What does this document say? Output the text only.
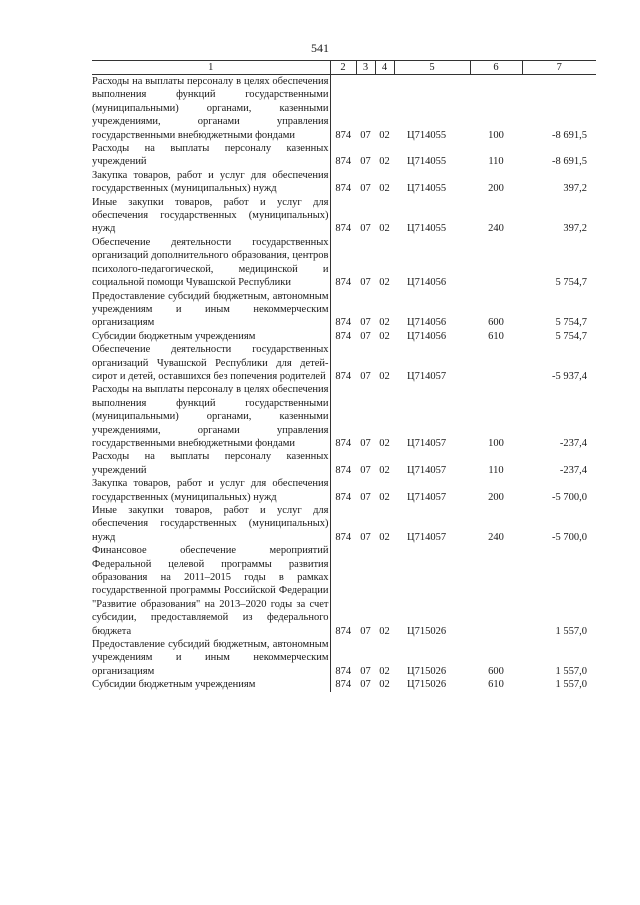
541
1	2	3	4	5	6	7
Расходы на выплаты персоналу в целях обеспечения выполнения функций государственными (муниципальными) органами, казенными учреждениями, органами управления государственными внебюджетными фондами	874	07	02	Ц714055	100	-8 691,5
Расходы на выплаты персоналу казенных учреждений	874	07	02	Ц714055	110	-8 691,5
Закупка товаров, работ и услуг для обеспечения государственных (муниципальных) нужд	874	07	02	Ц714055	200	397,2
Иные закупки товаров, работ и услуг для обеспечения государственных (муниципальных) нужд	874	07	02	Ц714055	240	397,2
Обеспечение деятельности государственных организаций дополнительного образования, центров психолого-педагогической, медицинской и социальной помощи Чувашской Республики	874	07	02	Ц714056		5 754,7
Предоставление субсидий бюджетным, автономным учреждениям и иным некоммерческим организациям	874	07	02	Ц714056	600	5 754,7
Субсидии бюджетным учреждениям	874	07	02	Ц714056	610	5 754,7
Обеспечение деятельности государственных организаций Чувашской Республики для детей-сирот и детей, оставшихся без попечения родителей	874	07	02	Ц714057		-5 937,4
Расходы на выплаты персоналу в целях обеспечения выполнения функций государственными (муниципальными) органами, казенными учреждениями, органами управления государственными внебюджетными фондами	874	07	02	Ц714057	100	-237,4
Расходы на выплаты персоналу казенных учреждений	874	07	02	Ц714057	110	-237,4
Закупка товаров, работ и услуг для обеспечения государственных (муниципальных) нужд	874	07	02	Ц714057	200	-5 700,0
Иные закупки товаров, работ и услуг для обеспечения государственных (муниципальных) нужд	874	07	02	Ц714057	240	-5 700,0
Финансовое обеспечение мероприятий Федеральной целевой программы развития образования на 2011–2015 годы в рамках государственной программы Российской Федерации "Развитие образования" на 2013–2020 годы за счет субсидии, предоставляемой из федерального бюджета	874	07	02	Ц715026		1 557,0
Предоставление субсидий бюджетным, автономным учреждениям и иным некоммерческим организациям	874	07	02	Ц715026	600	1 557,0
Субсидии бюджетным учреждениям	874	07	02	Ц715026	610	1 557,0
